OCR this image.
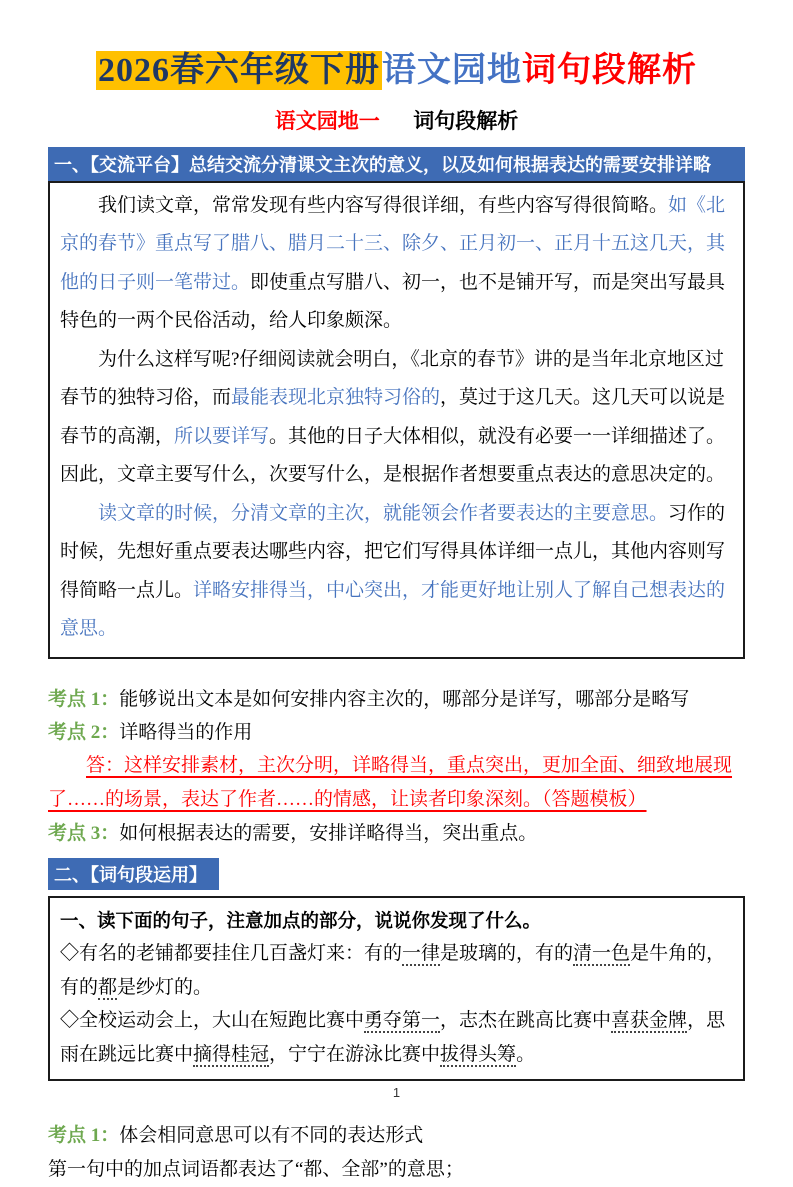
2026春六年级下册语文园地词句段解析
语文园地一 词句段解析
一、【交流平台】总结交流分清课文主次的意义，以及如何根据表达的需要安排详略

我们读文章，常常发现有些内容写得很详细，有些内容写得很简略。如《北京的春节》重点写了腊八、腊月二十三、除夕、正月初一、正月十五这几天，其他的日子则一笔带过。即使重点写腊八、初一，也不是铺开写，而是突出写最具特色的一两个民俗活动，给人印象颇深。

为什么这样写呢?仔细阅读就会明白，《北京的春节》讲的是当年北京地区过春节的独特习俗，而最能表现北京独特习俗的，莫过于这几天。这几天可以说是春节的高潮，所以要详写。其他的日子大体相似，就没有必要一一详细描述了。因此，文章主要写什么，次要写什么，是根据作者想要重点表达的意思决定的。

读文章的时候，分清文章的主次，就能领会作者要表达的主要意思。习作的时候，先想好重点要表达哪些内容，把它们写得具体详细一点儿，其他内容则写得简略一点儿。详略安排得当，中心突出，才能更好地让别人了解自己想表达的意思。

考点 1：能够说出文本是如何安排内容主次的，哪部分是详写，哪部分是略写

考点 2：详略得当的作用

答：这样安排素材，主次分明，详略得当，重点突出，更加全面、细致地展现了……的场景，表达了作者……的情感，让读者印象深刻。（答题模板）

考点 3：如何根据表达的需要，安排详略得当，突出重点。

二、【词句段运用】

一、读下面的句子，注意加点的部分，说说你发现了什么。

◇有名的老铺都要挂住几百盏灯来：有的一律是玻璃的，有的清一色是牛角的，有的都是纱灯的。

◇全校运动会上，大山在短跑比赛中勇夺第一，志杰在跳高比赛中喜获金牌，思雨在跳远比赛中摘得桂冠，宁宁在游泳比赛中拔得头筹。

考点 1：体会相同意思可以有不同的表达形式

第一句中的加点词语都表达了“都、全部”的意思；

1
